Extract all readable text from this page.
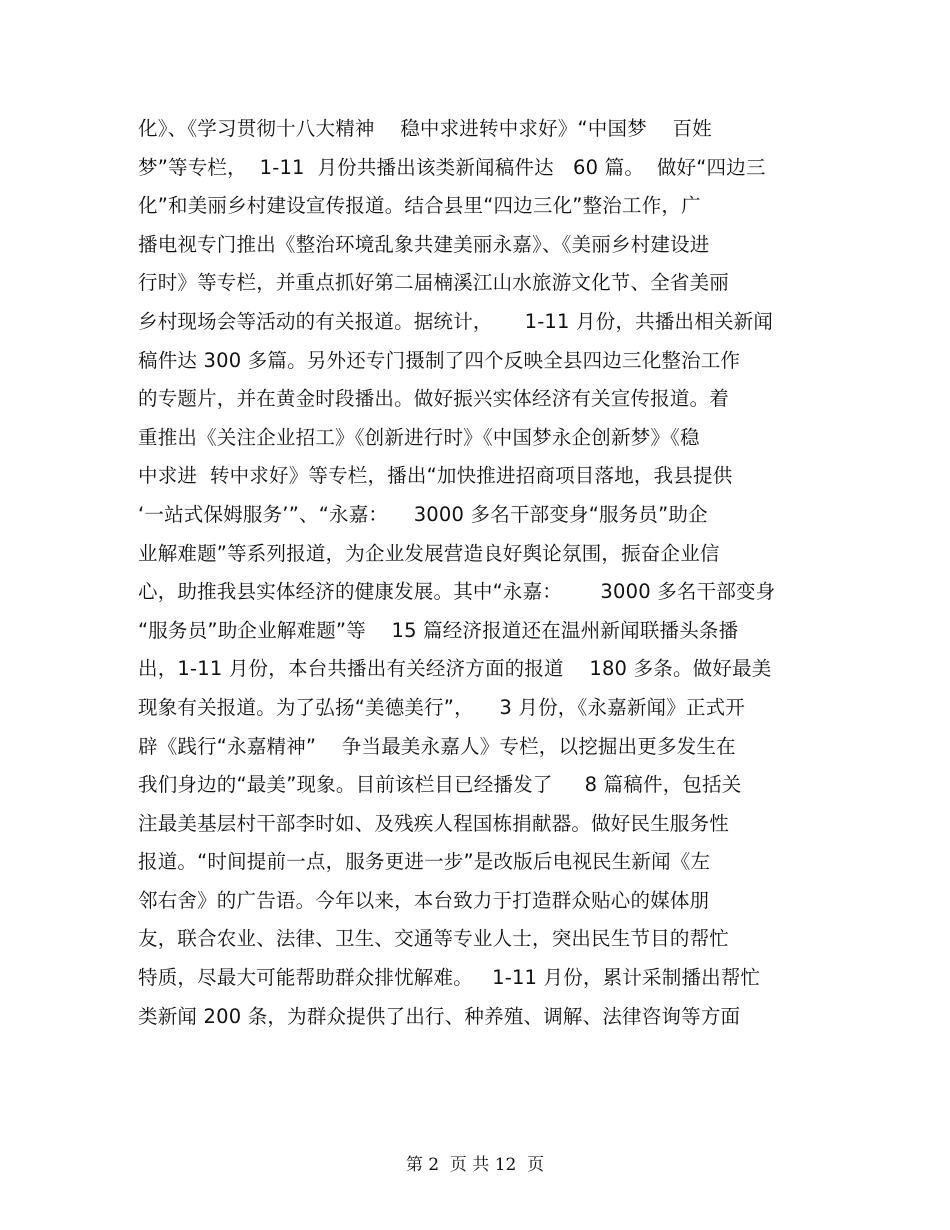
化》、《学习贯彻十八大精神    稳中求进转中求好》“中国梦    百姓
梦”等专栏，  1-11  月份共播出该类新闻稿件达   60 篇。  做好“四边三
化”和美丽乡村建设宣传报道。结合县里“四边三化”整治工作，广
播电视专门推出《整治环境乱象共建美丽永嘉》、《美丽乡村建设进
行时》等专栏，并重点抓好第二届楠溪江山水旅游文化节、全省美丽
乡村现场会等活动的有关报道。据统计，     1-11 月份，共播出相关新闻
稿件达 300 多篇。另外还专门摄制了四个反映全县四边三化整治工作
的专题片，并在黄金时段播出。做好振兴实体经济有关宣传报道。着
重推出《关注企业招工》《创新进行时》《中国梦永企创新梦》《稳
中求进  转中求好》等专栏，播出“加快推进招商项目落地，我县提供
‘一站式保姆服务’”、“永嘉：    3000 多名干部变身“服务员”助企
业解难题”等系列报道，为企业发展营造良好舆论氛围，振奋企业信
心，助推我县实体经济的健康发展。其中“永嘉：      3000 多名干部变身
“服务员”助企业解难题”等    15 篇经济报道还在温州新闻联播头条播
出，1-11 月份，本台共播出有关经济方面的报道    180 多条。做好最美
现象有关报道。为了弘扬“美德美行”，    3 月份，《永嘉新闻》正式开
辟《践行“永嘉精神”    争当最美永嘉人》专栏，以挖掘出更多发生在
我们身边的“最美”现象。目前该栏目已经播发了     8 篇稿件，包括关
注最美基层村干部李时如、及残疾人程国栋捐献器。做好民生服务性
报道。“时间提前一点，服务更进一步”是改版后电视民生新闻《左
邻右舍》的广告语。今年以来，本台致力于打造群众贴心的媒体朋
友，联合农业、法律、卫生、交通等专业人士，突出民生节目的帮忙
特质，尽最大可能帮助群众排忧解难。   1-11 月份，累计采制播出帮忙
类新闻 200 条，为群众提供了出行、种养殖、调解、法律咨询等方面
第 2  页 共 12  页
